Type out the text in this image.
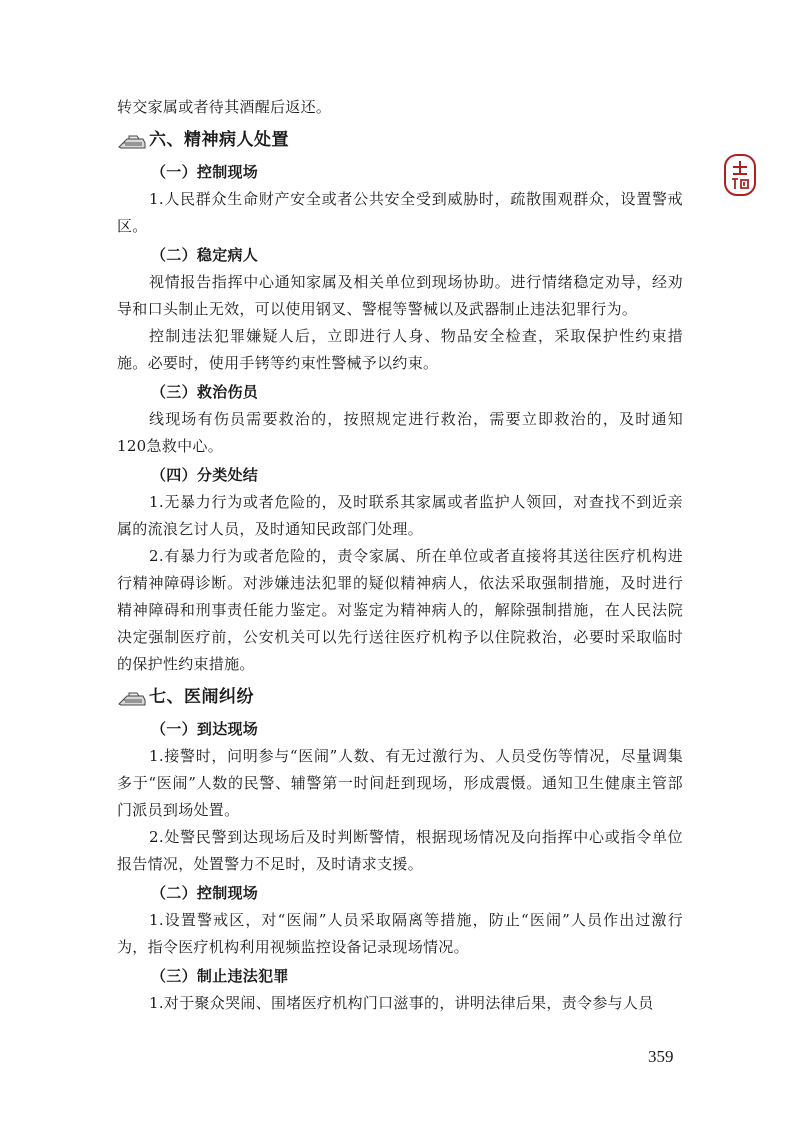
转交家属或者待其酒醒后返还。

六、精神病人处置
（一）控制现场

1.人民群众生命财产安全或者公共安全受到威胁时，疏散围观群众，设置警戒区。

（二）稳定病人

视情报告指挥中心通知家属及相关单位到现场协助。进行情绪稳定劝导，经劝导和口头制止无效，可以使用钢叉、警棍等警械以及武器制止违法犯罪行为。

控制违法犯罪嫌疑人后，立即进行人身、物品安全检查，采取保护性约束措施。必要时，使用手铐等约束性警械予以约束。

（三）救治伤员

线现场有伤员需要救治的，按照规定进行救治，需要立即救治的，及时通知120急救中心。

（四）分类处结

1.无暴力行为或者危险的，及时联系其家属或者监护人领回，对查找不到近亲属的流浪乞讨人员，及时通知民政部门处理。

2.有暴力行为或者危险的，责令家属、所在单位或者直接将其送往医疗机构进行精神障碍诊断。对涉嫌违法犯罪的疑似精神病人，依法采取强制措施，及时进行精神障碍和刑事责任能力鉴定。对鉴定为精神病人的，解除强制措施，在人民法院决定强制医疗前，公安机关可以先行送往医疗机构予以住院救治，必要时采取临时的保护性约束措施。

七、医闹纠纷
（一）到达现场

1.接警时，问明参与“医闹”人数、有无过激行为、人员受伤等情况，尽量调集多于“医闹”人数的民警、辅警第一时间赶到现场，形成震慑。通知卫生健康主管部门派员到场处置。

2.处警民警到达现场后及时判断警情，根据现场情况及向指挥中心或指令单位报告情况，处置警力不足时，及时请求支援。

（二）控制现场

1.设置警戒区，对“医闹”人员采取隔离等措施，防止“医闹”人员作出过激行为，指令医疗机构利用视频监控设备记录现场情况。

（三）制止违法犯罪

1.对于聚众哭闹、围堵医疗机构门口滋事的，讲明法律后果，责令参与人员

359
